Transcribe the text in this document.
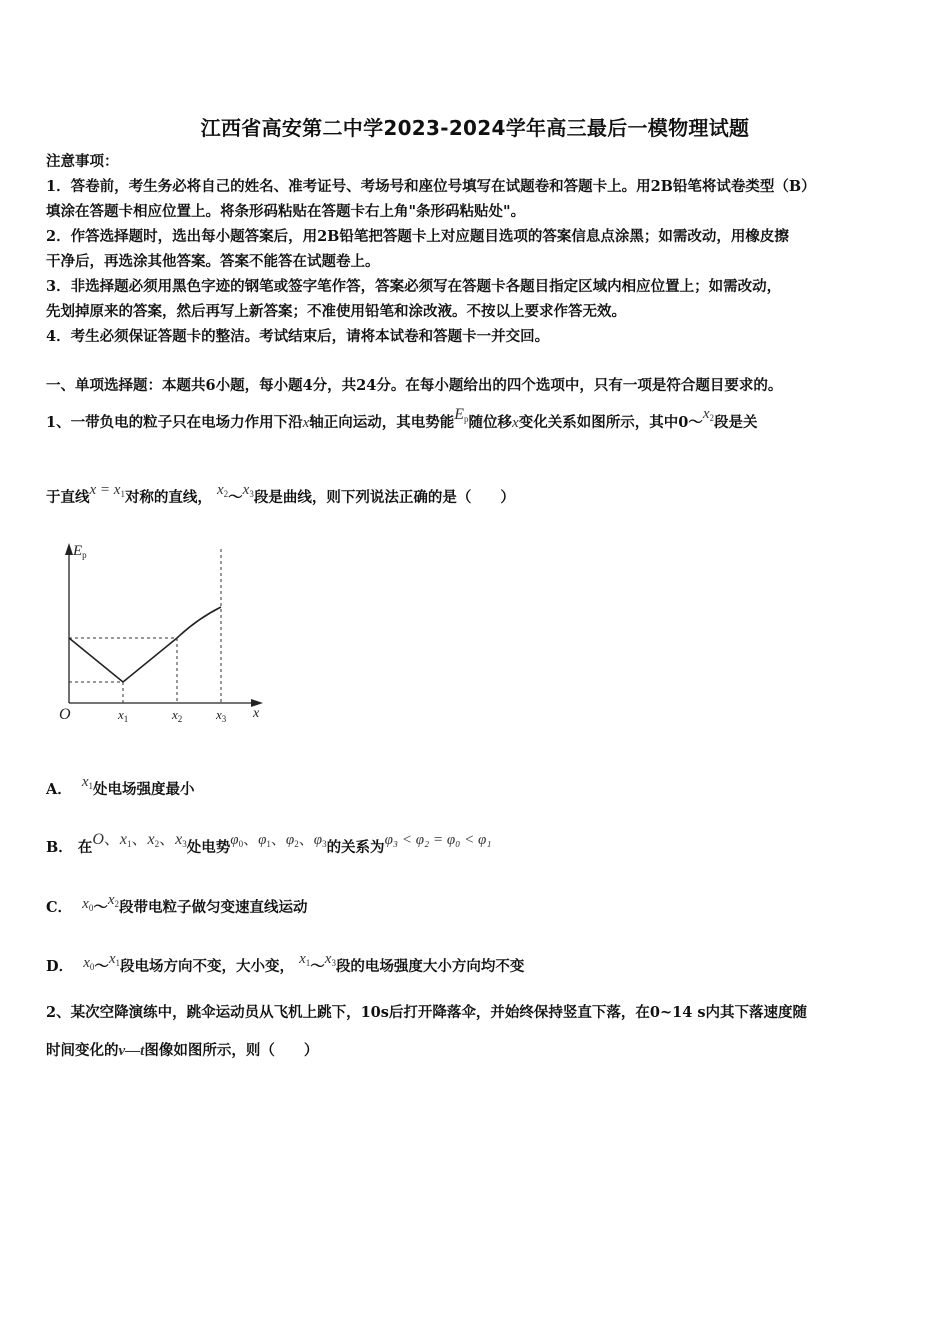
江西省高安第二中学2023-2024学年高三最后一模物理试题
注意事项：
1．答卷前，考生务必将自己的姓名、准考证号、考场号和座位号填写在试题卷和答题卡上。用2B铅笔将试卷类型（B）
填涂在答题卡相应位置上。将条形码粘贴在答题卡右上角"条形码粘贴处"。
2．作答选择题时，选出每小题答案后，用2B铅笔把答题卡上对应题目选项的答案信息点涂黑；如需改动，用橡皮擦
干净后，再选涂其他答案。答案不能答在试题卷上。
3．非选择题必须用黑色字迹的钢笔或签字笔作答，答案必须写在答题卡各题目指定区域内相应位置上；如需改动，
先划掉原来的答案，然后再写上新答案；不准使用铅笔和涂改液。不按以上要求作答无效。
4．考生必须保证答题卡的整洁。考试结束后，请将本试卷和答题卡一并交回。
一、单项选择题：本题共6小题，每小题4分，共24分。在每小题给出的四个选项中，只有一项是符合题目要求的。
1、一带负电的粒子只在电场力作用下沿x轴正向运动，其电势能$E_p$随位移x变化关系如图所示，其中$0\sim x_2$段是关
于直线$x = x_1$对称的直线， $x_2\sim x_3$段是曲线，则下列说法正确的是（　　）
$E_p$
O	x
$x_1$	$x_2$	$x_3$
A． $x_1$处电场强度最小
B． 在O、$x_1$、$x_2$、$x_3$处电势$\varphi_0$、$\varphi_1$、$\varphi_2$、$\varphi_3$的关系为φ₃ < φ₂ = φ₀ < φ₁
C． $x_0\sim x_2$段带电粒子做匀变速直线运动
D． $x_0\sim x_1$段电场方向不变，大小变， $x_1\sim x_3$段的电场强度大小方向均不变
2、某次空降演练中，跳伞运动员从飞机上跳下，10s后打开降落伞，并始终保持竖直下落，在0~14 s内其下落速度随
时间变化的v—t图像如图所示，则（　　）
